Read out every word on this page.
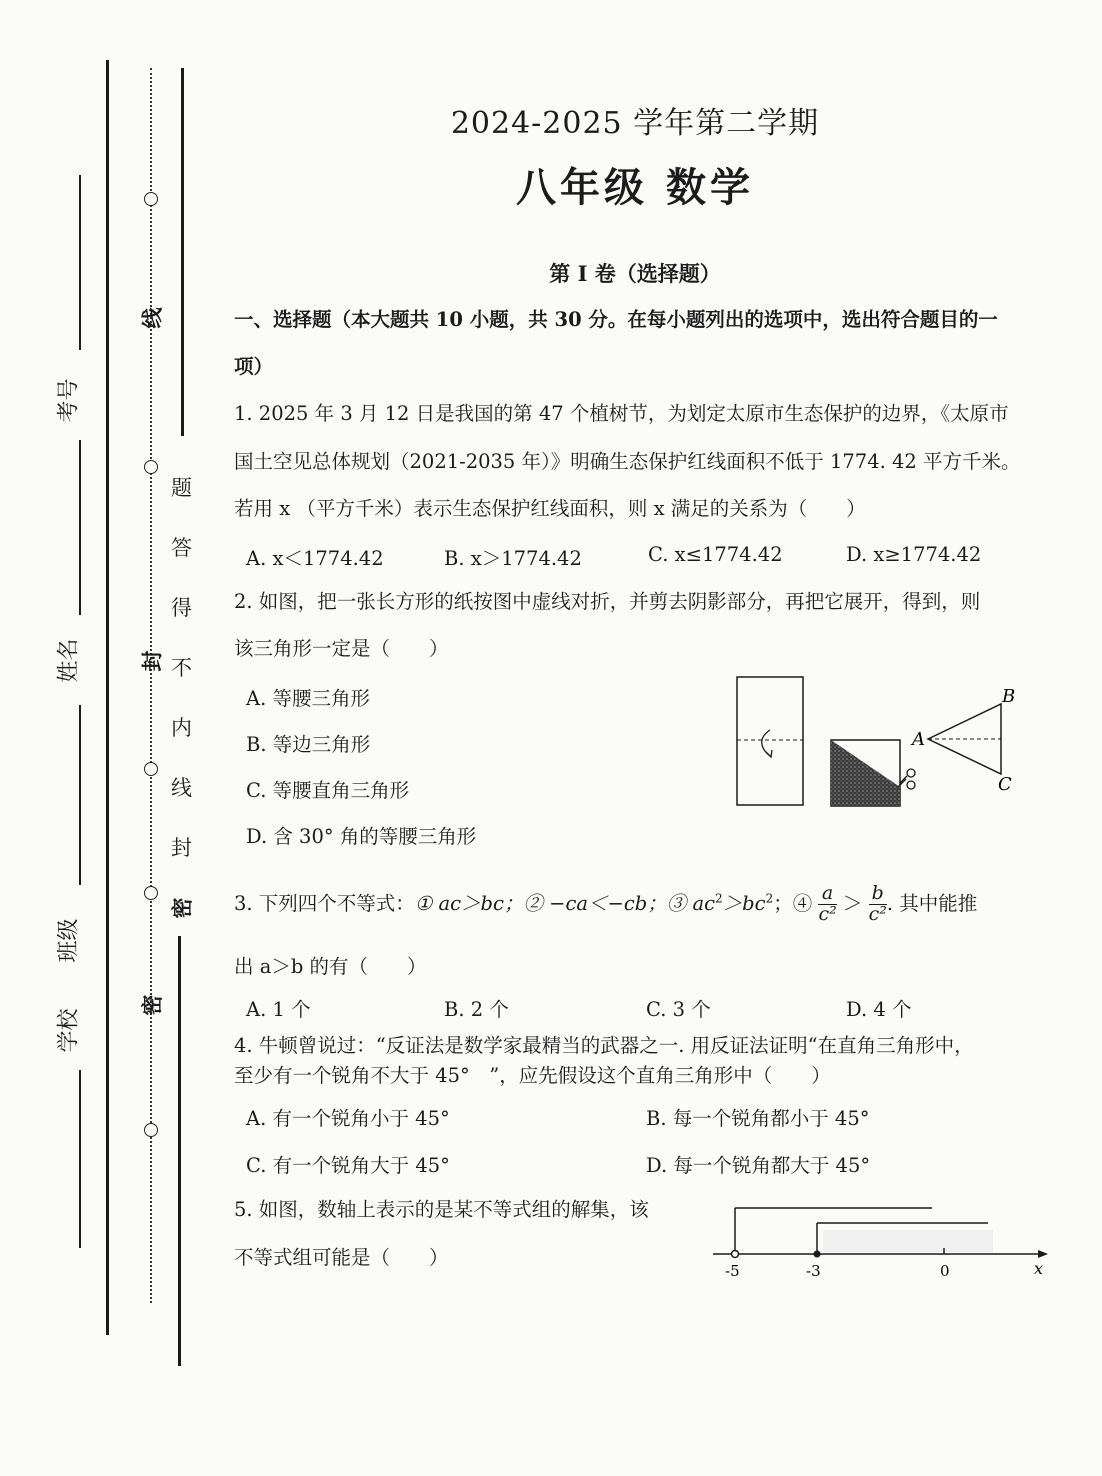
考号
姓名
班级
学校
线
封
密
密
题
答
得
不
内
线
封
2024-2025 学年第二学期
八年级 数学
第 I 卷（选择题）
一、选择题（本大题共 10 小题，共 30 分。在每小题列出的选项中，选出符合题目的一
项）
1. 2025 年 3 月 12 日是我国的第 47 个植树节，为划定太原市生态保护的边界，《太原市
国土空见总体规划（2021-2035 年）》明确生态保护红线面积不低于 1774. 42 平方千米。
若用 x （平方千米）表示生态保护红线面积，则 x 满足的关系为（　　）
A. x＜1774.42	B. x＞1774.42	C. x≤1774.42	D. x≥1774.42
2. 如图，把一张长方形的纸按图中虚线对折，并剪去阴影部分，再把它展开，得到，则
该三角形一定是（　　）
A. 等腰三角形
B. 等边三角形
C. 等腰直角三角形
D. 含 30° 角的等腰三角形
A
B
C
3. 下列四个不等式：① ac＞bc；② −ca＜−cb；③ $ac^2>bc^2$；④ $\frac{a}{\text{c²}} > \frac{b}{\text{c²}}$ . 其中能推
出 a＞b 的有（　　）
A. 1 个	B. 2 个	C. 3 个	D. 4 个
4. 牛顿曾说过：“反证法是数学家最精当的武器之一. 用反证法证明“在直角三角形中，
至少有一个锐角不大于 45°　”，应先假设这个直角三角形中（　　）
A. 有一个锐角小于 45°	B. 每一个锐角都小于 45°
C. 有一个锐角大于 45°	D. 每一个锐角都大于 45°
5. 如图，数轴上表示的是某不等式组的解集，该
不等式组可能是（　　）
-5	-3	0	x
